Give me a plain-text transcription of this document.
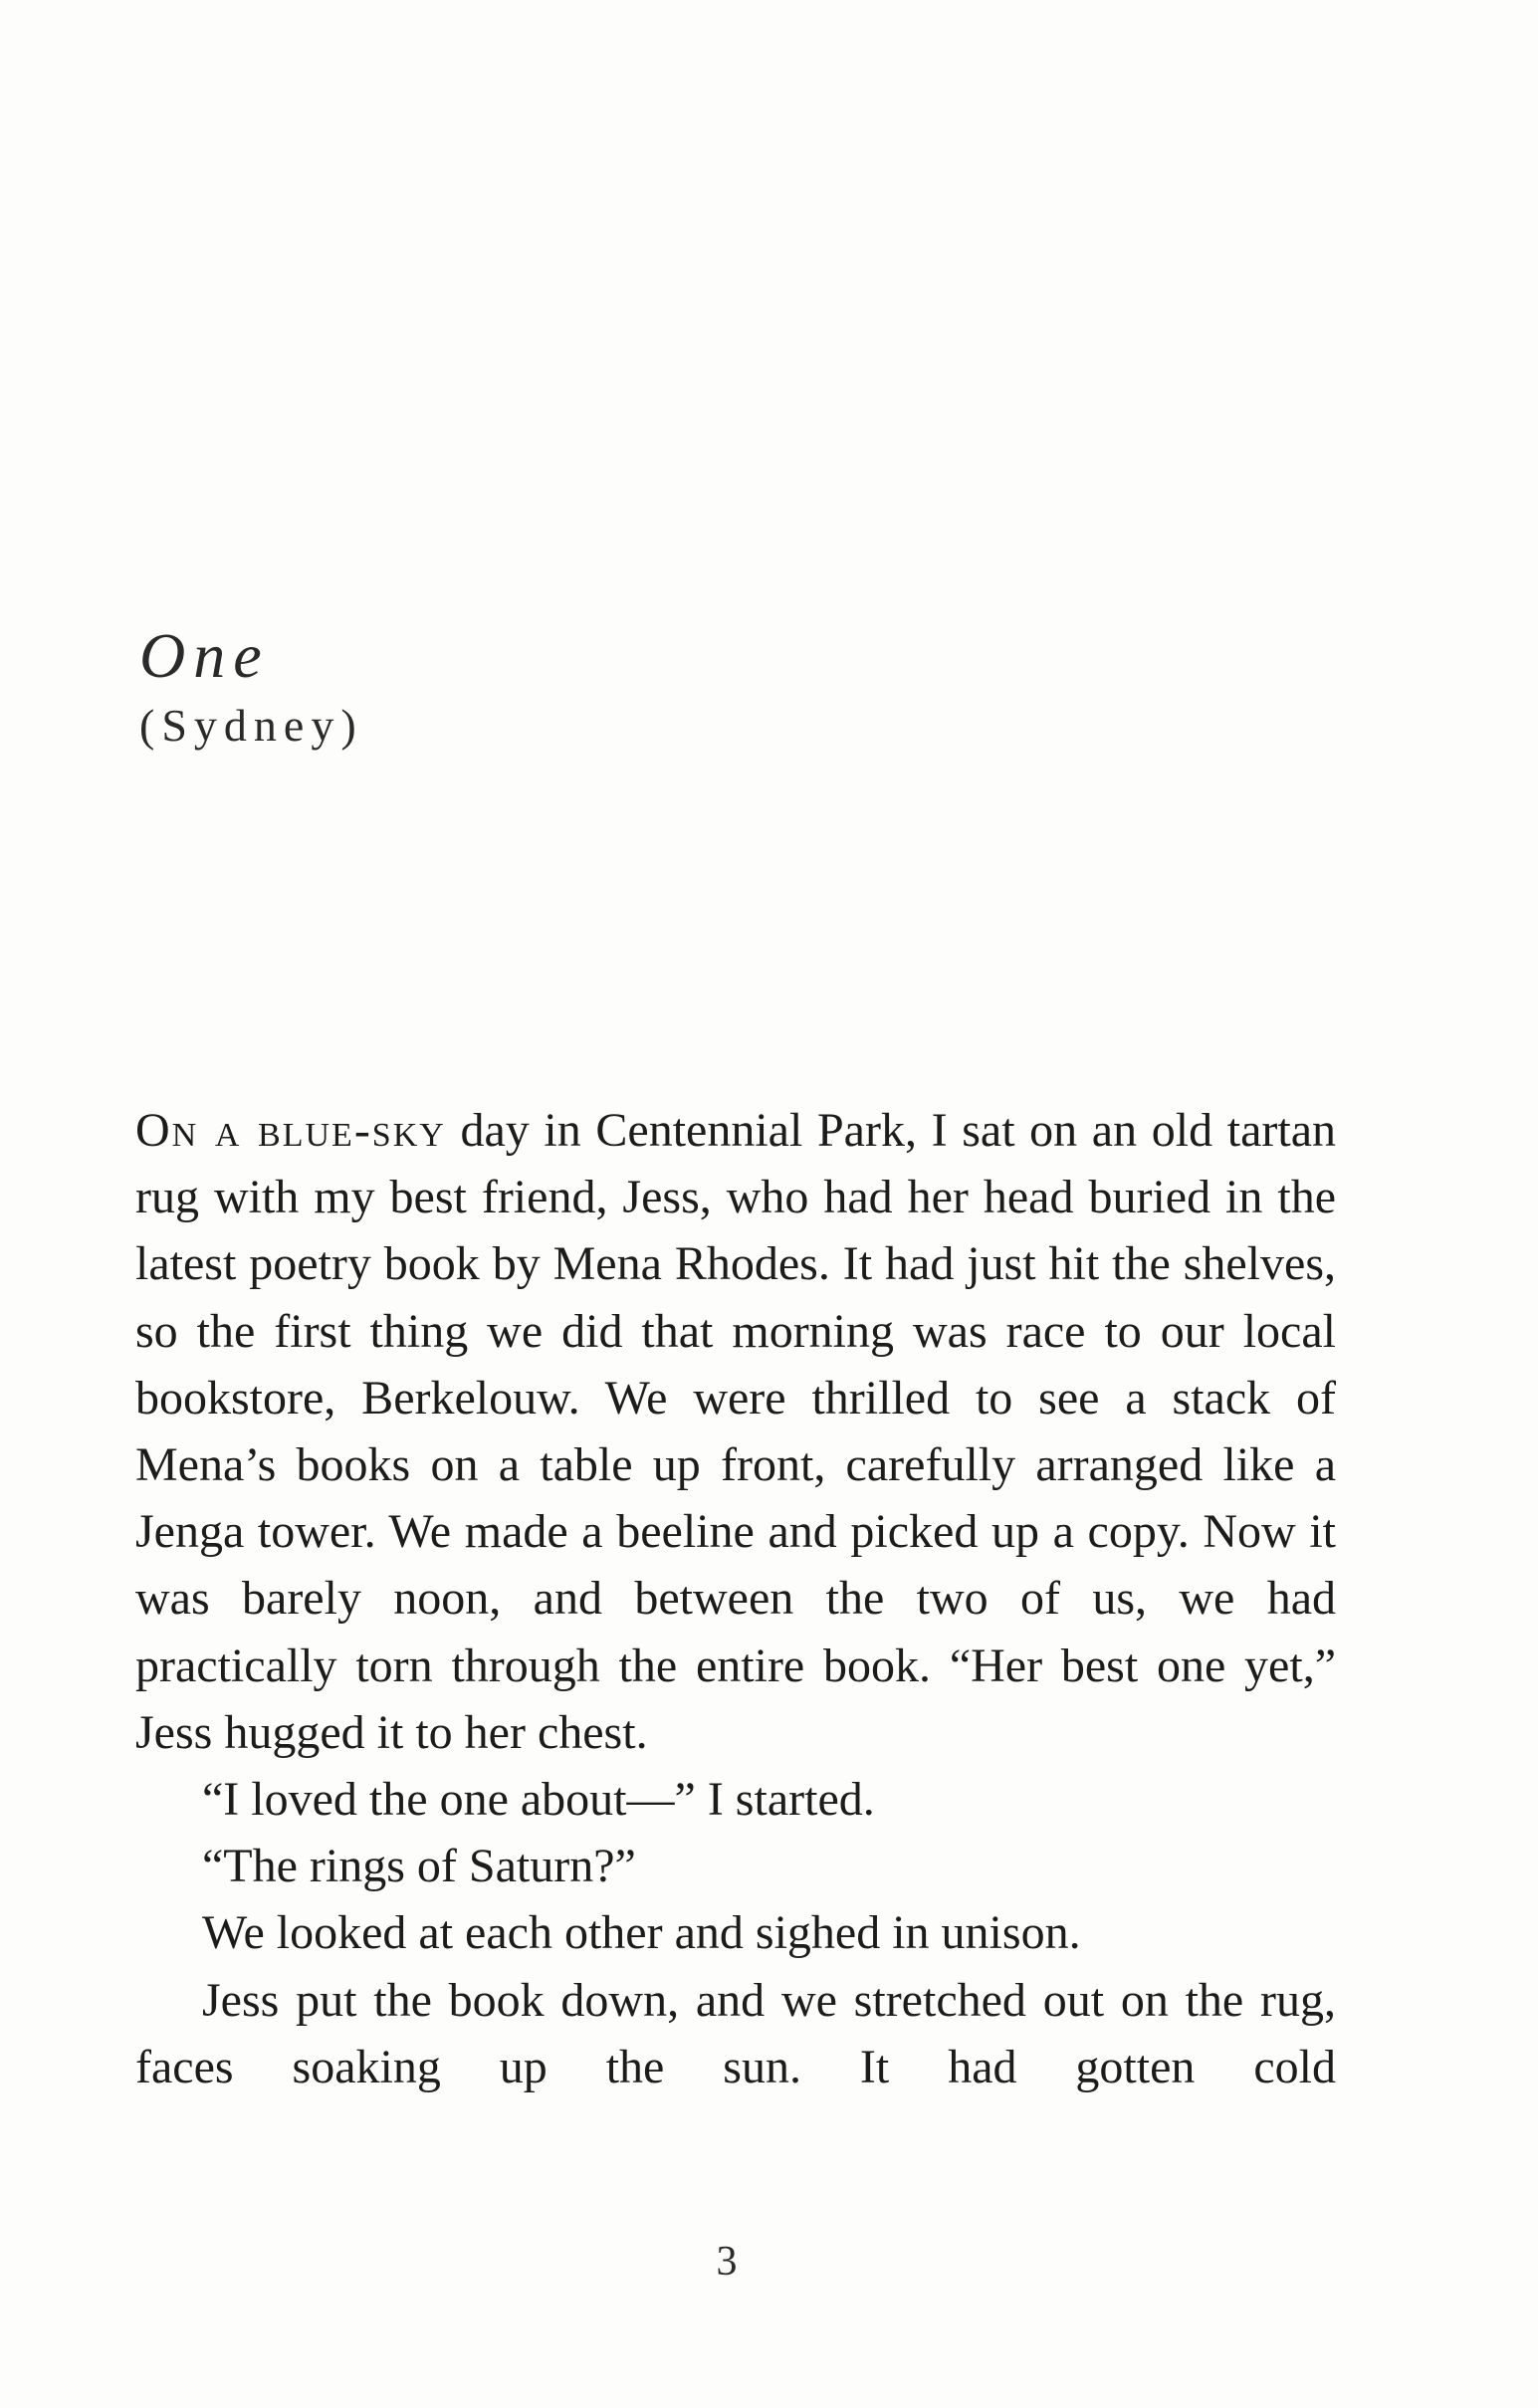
One
(Sydney)

On a blue-sky day in Centennial Park, I sat on an old tartan rug with my best friend, Jess, who had her head buried in the latest poetry book by Mena Rhodes. It had just hit the shelves, so the first thing we did that morning was race to our local bookstore, Berkelouw. We were thrilled to see a stack of Mena’s books on a table up front, carefully arranged like a Jenga tower. We made a beeline and picked up a copy. Now it was barely noon, and between the two of us, we had practically torn through the entire book. “Her best one yet,” Jess hugged it to her chest.

“I loved the one about—” I started.

“The rings of Saturn?”

We looked at each other and sighed in unison.

Jess put the book down, and we stretched out on the rug, faces soaking up the sun. It had gotten cold

3
